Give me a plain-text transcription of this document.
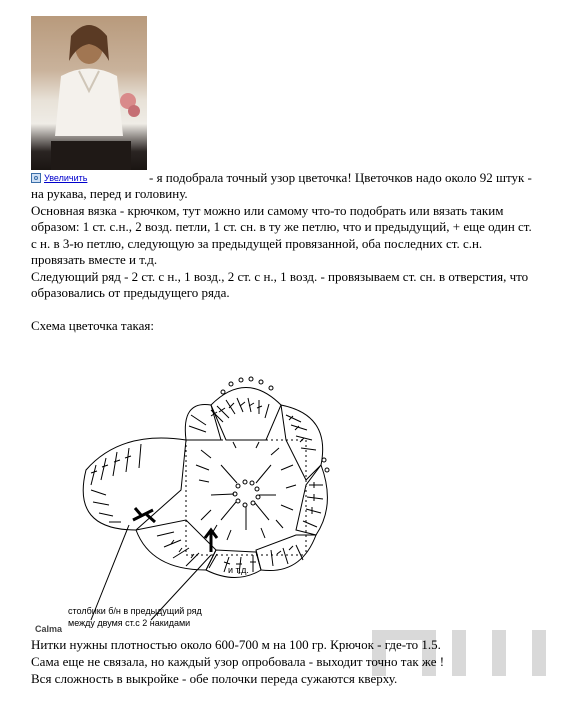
Увеличить	- я подобрала точный узор цветочка! Цветочков надо около 92 штук -
на рукава, перед и головину.
Основная вязка - крючком, тут можно или самому что-то подобрать или вязать таким
образом: 1 ст. с.н., 2 возд. петли, 1 ст. сн. в ту же петлю, что и предыдущий, + еще один ст.
с н. в 3-ю петлю, следующую за предыдущей провязанной, оба последних ст. с.н.
провязать вместе и т.д.
Следующий ряд - 2 ст. с н., 1 возд., 2 ст. с н., 1 возд. - провязываем ст. сн. в отверстия, что
образовались от предыдущего ряда.
Схема цветочка такая:
и т.д.
столбики б/н в предыдущий ряд
между двумя ст.с 2 накидами
Calma
Нитки нужны плотностью около 600-700 м на 100 гр. Крючок - где-то 1.5.
Сама еще не связала, но каждый узор опробовала - выходит точно так же !
Вся сложность в выкройке - обе полочки переда сужаются кверху.
